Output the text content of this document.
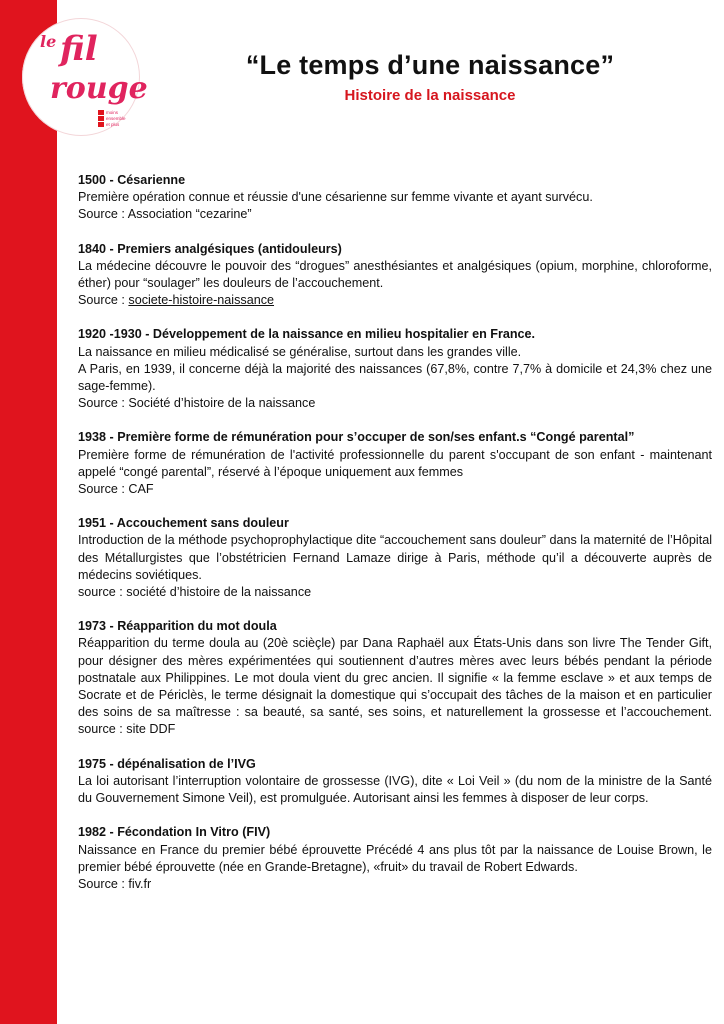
le fil
rouge
moins
ensemble
et plus
“Le temps d’une naissance”
Histoire de la naissance
1500 - Césarienne
Première opération connue et réussie d'une césarienne sur femme vivante et ayant survécu.
Source : Association “cezarine”
1840 - Premiers analgésiques (antidouleurs)
La médecine découvre le pouvoir des “drogues” anesthésiantes et analgésiques (opium, morphine, chloroforme, éther) pour “soulager” les douleurs de l’accouchement.
Source : societe-histoire-naissance
1920 -1930 - Développement de la naissance en milieu hospitalier en France.
La naissance en milieu médicalisé se généralise, surtout dans les grandes ville.
A Paris, en 1939, il concerne déjà la majorité des naissances (67,8%, contre 7,7% à domicile et 24,3% chez une sage-femme).
Source : Société d’histoire de la naissance
1938 - Première forme de rémunération pour s’occuper de son/ses enfant.s “Congé parental”
Première forme de rémunération de l'activité professionnelle du parent s'occupant de son enfant - maintenant appelé “congé parental”, réservé à l’époque uniquement aux femmes
Source : CAF
1951 - Accouchement sans douleur
Introduction de la méthode psychoprophylactique dite “accouchement sans douleur” dans la maternité de l’Hôpital des Métallurgistes que l’obstétricien Fernand Lamaze dirige à Paris, méthode qu’il a découverte auprès de médecins soviétiques.
source : société d’histoire de la naissance
1973 - Réapparition du mot doula
Réapparition du terme doula au (20è scièçle) par Dana Raphaël aux États-Unis dans son livre The Tender Gift, pour désigner des mères expérimentées qui soutiennent d’autres mères avec leurs bébés pendant la période postnatale aux Philippines. Le mot doula vient du grec ancien. Il signifie « la femme esclave » et aux temps de Socrate et de Périclès, le terme désignait la domestique qui s’occupait des tâches de la maison et en particulier des soins de sa maîtresse : sa beauté, sa santé, ses soins, et naturellement la grossesse et l’accouchement. source : site DDF
1975 - dépénalisation de l’IVG
La loi autorisant l’interruption volontaire de grossesse (IVG), dite « Loi Veil » (du nom de la ministre de la Santé du Gouvernement Simone Veil), est promulguée. Autorisant ainsi les femmes à disposer de leur corps.
1982 - Fécondation In Vitro (FIV)
Naissance en France du premier bébé éprouvette Précédé 4 ans plus tôt par la naissance de Louise Brown, le premier bébé éprouvette (née en Grande-Bretagne), «fruit» du travail de Robert Edwards.
Source : fiv.fr
